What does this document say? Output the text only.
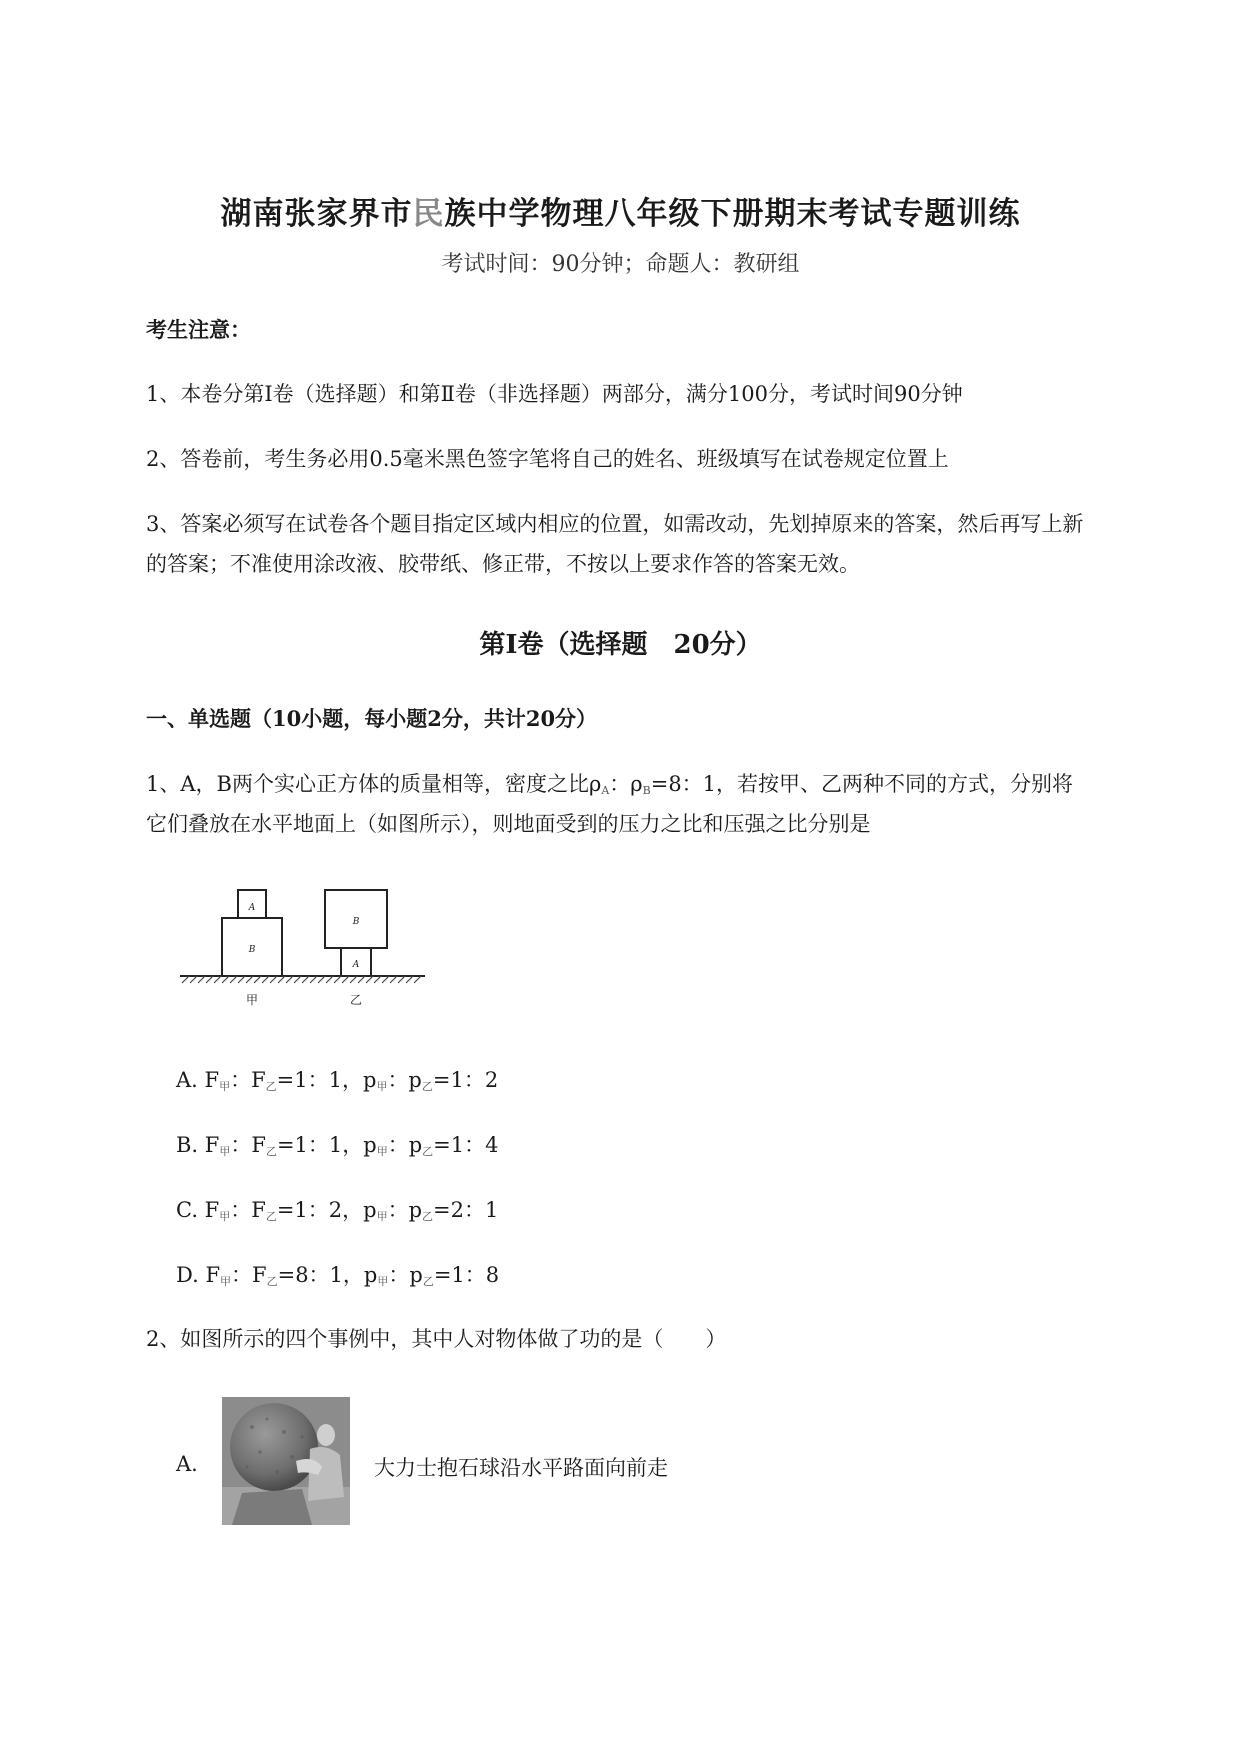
湖南张家界市民族中学物理八年级下册期末考试专题训练
考试时间：90分钟；命题人：教研组
考生注意：
1、本卷分第Ⅰ卷（选择题）和第Ⅱ卷（非选择题）两部分，满分100分，考试时间90分钟
2、答卷前，考生务必用0.5毫米黑色签字笔将自己的姓名、班级填写在试卷规定位置上
3、答案必须写在试卷各个题目指定区域内相应的位置，如需改动，先划掉原来的答案，然后再写上新
的答案；不准使用涂改液、胶带纸、修正带，不按以上要求作答的答案无效。
第Ⅰ卷（选择题　20分）
一、单选题（10小题，每小题2分，共计20分）
1、A，B两个实心正方体的质量相等，密度之比$\rho_A$：$\rho_B=8$：1，若按甲、乙两种不同的方式，分别将
它们叠放在水平地面上（如图所示），则地面受到的压力之比和压强之比分别是
A
B
B
A
甲	乙
A. $F_甲$：$F_乙=1$：1，$p_甲$：$p_乙=1$：2
B. $F_甲$：$F_乙=1$：1，$p_甲$：$p_乙=1$：4
C. $F_甲$：$F_乙=1$：2，$p_甲$：$p_乙=2$：1
D. $F_甲$：$F_乙=8$：1，$p_甲$：$p_乙=1$：8
2、如图所示的四个事例中，其中人对物体做了功的是（　　）
A.	大力士抱石球沿水平路面向前走
